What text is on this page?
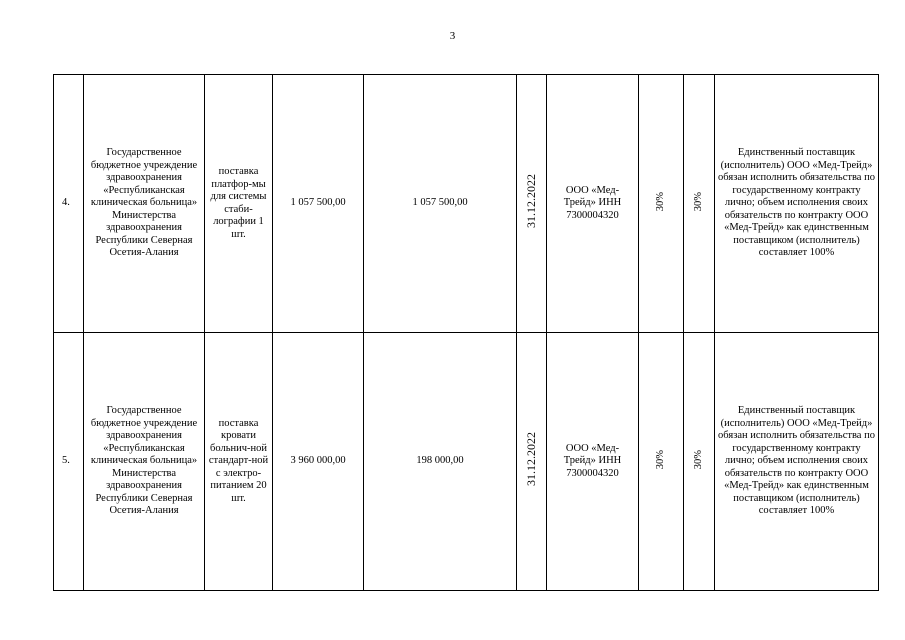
3
4.	Государственное бюджетное учреждение здравоохранения «Республиканская клиническая больница» Министерства здравоохранения Республики Северная Осетия-Алания	поставка платфор-мы для системы стаби-лографии 1 шт.	1 057 500,00	1 057 500,00	31.12.2022	ООО «Мед-Трейд» ИНН 7300004320	30%	30%	Единственный поставщик (исполнитель) ООО «Мед-Трейд» обязан исполнить обязательства по государственному контракту лично; объем исполнения своих обязательств по контракту ООО «Мед-Трейд» как единственным поставщиком (исполнитель) составляет 100%
5.	Государственное бюджетное учреждение здравоохранения «Республиканская клиническая больница» Министерства здравоохранения Республики Северная Осетия-Алания	поставка кровати больнич-ной стандарт-ной с электро-питанием 20 шт.	3 960 000,00	198 000,00	31.12.2022	ООО «Мед-Трейд» ИНН 7300004320	30%	30%	Единственный поставщик (исполнитель) ООО «Мед-Трейд» обязан исполнить обязательства по государственному контракту лично; объем исполнения своих обязательств по контракту ООО «Мед-Трейд» как единственным поставщиком (исполнитель) составляет 100%
